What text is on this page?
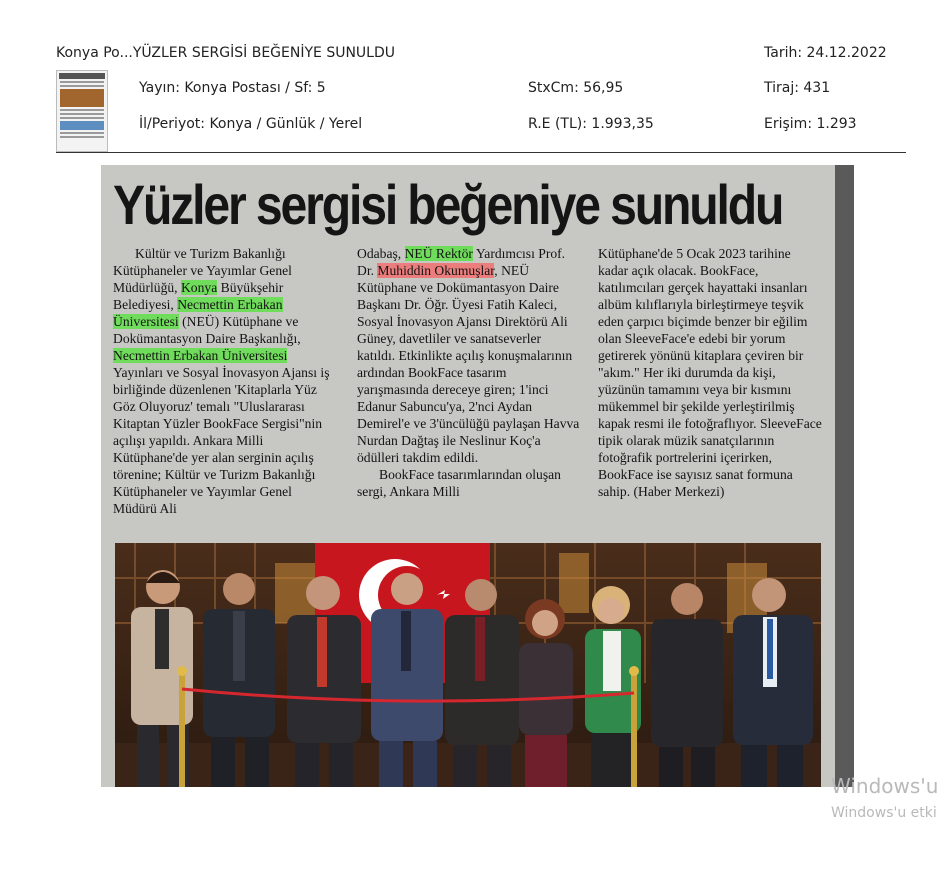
Konya Po...YÜZLER SERGİSİ BEĞENİYE SUNULDU	Tarih: 24.12.2022
Yayın: Konya Postası / Sf: 5	StxCm: 56,95	Tiraj: 431
İl/Periyot: Konya / Günlük / Yerel	R.E (TL): 1.993,35	Erişim: 1.293
Yüzler sergisi beğeniye sunuldu
Kültür ve Turizm Bakanlığı Kütüphaneler ve Yayımlar Genel Müdürlüğü, Konya Büyükşehir Belediyesi, Necmettin Erbakan Üniversitesi (NEÜ) Kütüphane ve Dokümantasyon Daire Başkanlığı, Necmettin Erbakan Üniversitesi Yayınları ve Sosyal İnovasyon Ajansı iş birliğinde düzenlenen 'Kitaplarla Yüz Göz Oluyoruz' temalı "Uluslararası Kitaptan Yüzler BookFace Sergisi"nin açılışı yapıldı. Ankara Milli Kütüphane'de yer alan serginin açılış törenine; Kültür ve Turizm Bakanlığı Kütüphaneler ve Yayımlar Genel Müdürü Ali
Odabaş, NEÜ Rektör Yardımcısı Prof. Dr. Muhiddin Okumuşlar, NEÜ Kütüphane ve Dokümantasyon Daire Başkanı Dr. Öğr. Üyesi Fatih Kaleci, Sosyal İnovasyon Ajansı Direktörü Ali Güney, davetliler ve sanatseverler katıldı. Etkinlikte açılış konuşmalarının ardından BookFace tasarım yarışmasında dereceye giren; 1'inci Edanur Sabuncu'ya, 2'nci Aydan Demirel'e ve 3'üncülüğü paylaşan Havva Nurdan Dağtaş ile Neslinur Koç'a ödülleri takdim edildi.
BookFace tasarımlarından oluşan sergi, Ankara Milli
Kütüphane'de 5 Ocak 2023 tarihine kadar açık olacak. BookFace, katılımcıları gerçek hayattaki insanları albüm kılıflarıyla birleştirmeye teşvik eden çarpıcı biçimde benzer bir eğilim olan SleeveFace'e edebi bir yorum getirerek yönünü kitaplara çeviren bir "akım." Her iki durumda da kişi, yüzünün tamamını veya bir kısmını mükemmel bir şekilde yerleştirilmiş kapak resmi ile fotoğraflıyor. SleeveFace tipik olarak müzik sanatçılarının fotoğrafik portrelerini içerirken, BookFace ise sayısız sanat formuna sahip. (Haber Merkezi)
Windows'u
Windows'u etki
